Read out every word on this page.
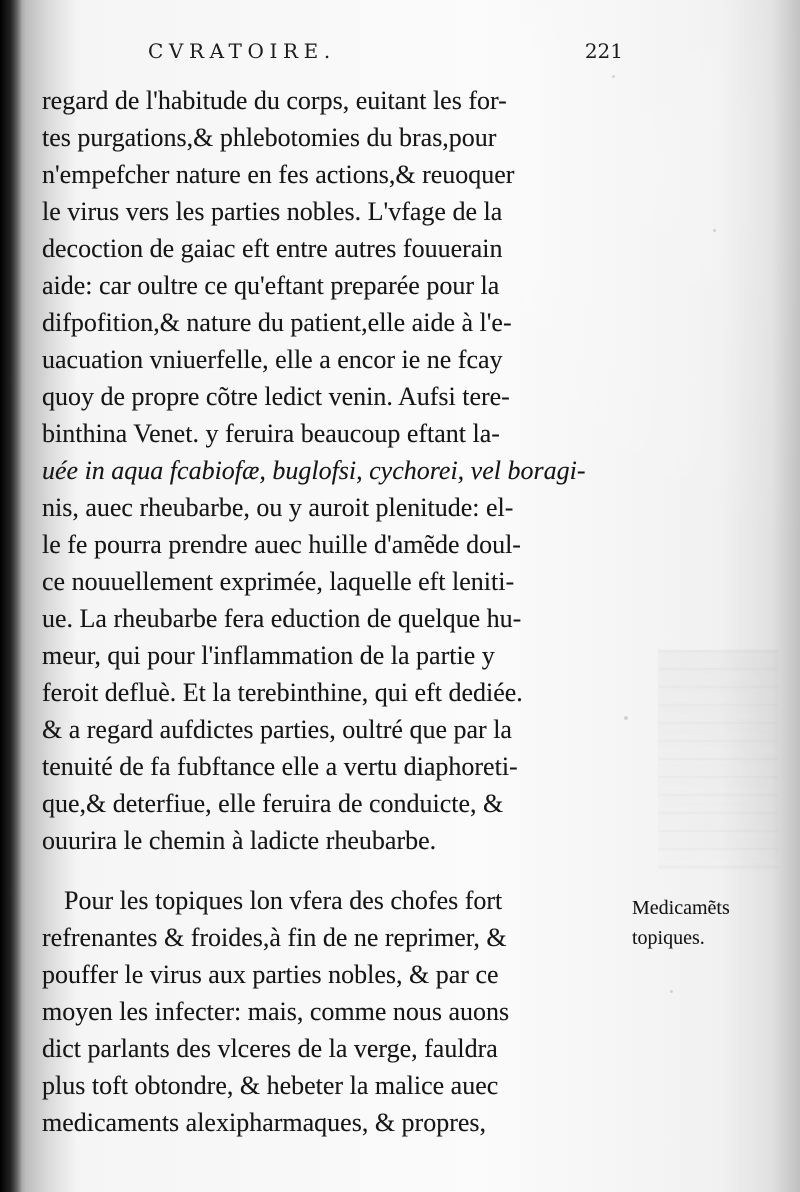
CVRATOIRE.	221
regard de l'habitude du corps, euitant les for-
tes purgations,& phlebotomies du bras,pour
n'empefcher nature en fes actions,& reuoquer
le virus vers les parties nobles. L'vfage de la
decoction de gaiac eft entre autres fouuerain
aide: car oultre ce qu'eftant preparée pour la
difpofition,& nature du patient,elle aide à l'e-
uacuation vniuerfelle, elle a encor ie ne fcay
quoy de propre cõtre ledict venin. Aufsi tere-
binthina Venet. y feruira beaucoup eftant la-
uée in aqua fcabiofæ, buglofsi, cychorei, vel boragi-
nis, auec rheubarbe, ou y auroit plenitude: el-
le fe pourra prendre auec huille d'amẽde doul-
ce nouuellement exprimée, laquelle eft leniti-
ue. La rheubarbe fera eduction de quelque hu-
meur, qui pour l'inflammation de la partie y
feroit defluè. Et la terebinthine, qui eft dediée.
& a regard aufdictes parties, oultré que par la
tenuité de fa fubftance elle a vertu diaphoreti-
que,& deterfiue, elle feruira de conduicte, &
ouurira le chemin à ladicte rheubarbe.
Pour les topiques lon vfera des chofes fort
refrenantes & froides,à fin de ne reprimer, &
pouffer le virus aux parties nobles, & par ce
moyen les infecter: mais, comme nous auons
dict parlants des vlceres de la verge, fauldra
plus toft obtondre, & hebeter la malice auec
medicaments alexipharmaques, & propres,
Medicamẽts
topiques.
